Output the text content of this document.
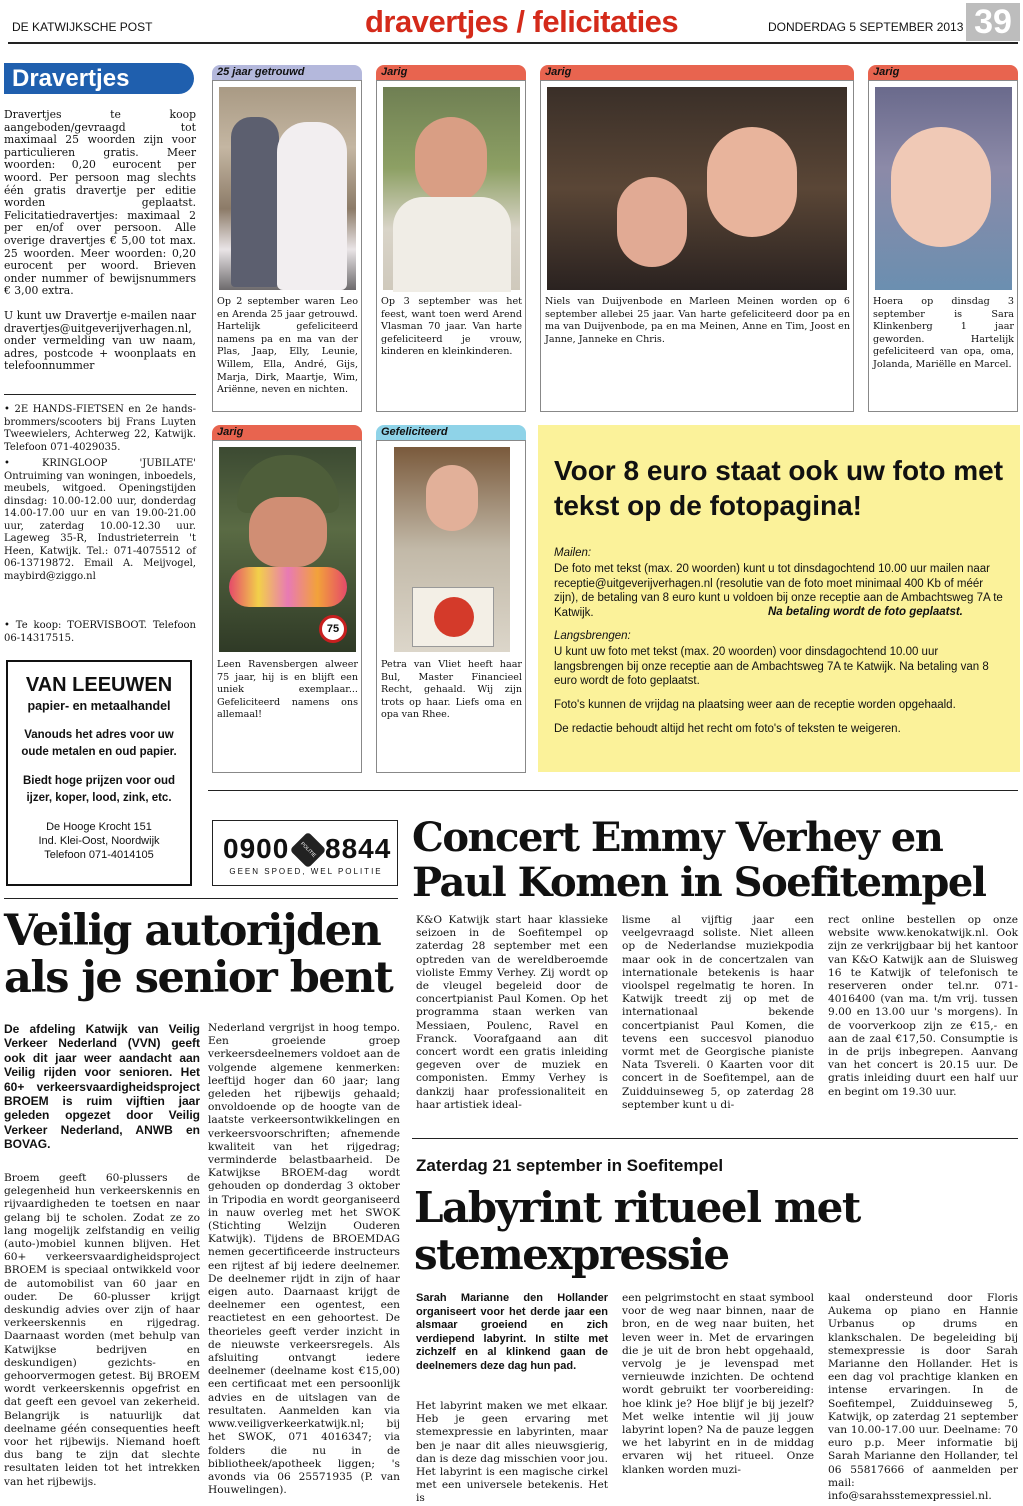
DE KATWIJKSCHE POST	dravertjes / felicitaties	DONDERDAG 5 SEPTEMBER 2013 39
Dravertjes
Dravertjes te koop aangeboden/gevraagd tot maximaal 25 woorden zijn voor particulieren gratis. Meer woorden: 0,20 eurocent per woord. Per persoon mag slechts één gratis dravertje per editie worden geplaatst. Felicitatiedravertjes: maximaal 2 per en/of over persoon. Alle overige dravertjes € 5,00 tot max. 25 woorden. Meer woorden: 0,20 eurocent per woord. Brieven onder nummer of bewijsnummers € 3,00 extra.
U kunt uw Dravertje e-mailen naar dravertjes@uitgeverijverhagen.nl, onder vermelding van uw naam, adres, postcode + woonplaats en telefoonnummer
• 2E HANDS-FIETSEN en 2e hands-brommers/scooters bij Frans Luyten Tweewielers, Achterweg 22, Katwijk. Telefoon 071-4029035.
• KRINGLOOP 'JUBILATE' Ontruiming van woningen, inboedels, meubels, witgoed. Openingstijden dinsdag: 10.00-12.00 uur, donderdag 14.00-17.00 uur en van 19.00-21.00 uur, zaterdag 10.00-12.30 uur. Lageweg 35-R, Industrieterrein 't Heen, Katwijk. Tel.: 071-4075512 of 06-13719872. Email A. Meijvogel, maybird@ziggo.nl
• Te koop: TOERVISBOOT. Telefoon 06-14317515.
VAN LEEUWEN
papier- en metaalhandel
Vanouds het adres voor uw oude metalen en oud papier.
Biedt hoge prijzen voor oud ijzer, koper, lood, zink, etc.
De Hooge Krocht 151
Ind. Klei-Oost, Noordwijk
Telefoon 071-4014105
25 jaar getrouwd
Op 2 september waren Leo en Arenda 25 jaar getrouwd. Hartelijk gefeliciteerd namens pa en ma van der Plas, Jaap, Elly, Leunie, Willem, Ella, André, Gijs, Marja, Dirk, Maartje, Wim, Ariënne, neven en nichten.
Jarig
Op 3 september was het feest, want toen werd Arend Vlasman 70 jaar. Van harte gefeliciteerd je vrouw, kinderen en kleinkinderen.
Jarig
Niels van Duijvenbode en Marleen Meinen worden op 6 september allebei 25 jaar. Van harte gefeliciteerd door pa en ma van Duijvenbode, pa en ma Meinen, Anne en Tim, Joost en Janne, Janneke en Chris.
Jarig
Hoera op dinsdag 3 september is Sara Klinkenberg 1 jaar geworden. Hartelijk gefeliciteerd van opa, oma, Jolanda, Mariëlle en Marcel.
Jarig
75
Leen Ravensbergen alweer 75 jaar, hij is en blijft een uniek exemplaar... Gefeliciteerd namens ons allemaal!
Gefeliciteerd
Petra van Vliet heeft haar Bul, Master Financieel Recht, gehaald. Wij zijn trots op haar. Liefs oma en opa van Rhee.
Voor 8 euro staat ook uw foto met tekst op de fotopagina!
Mailen:
De foto met tekst (max. 20 woorden) kunt u tot dinsdagochtend 10.00 uur mailen naar receptie@uitgeverijverhagen.nl (resolutie van de foto moet minimaal 400 Kb of méér zijn), de betaling van 8 euro kunt u voldoen bij onze receptie aan de Ambachtsweg 7A te Katwijk.	Na betaling wordt de foto geplaatst.
Langsbrengen:
U kunt uw foto met tekst (max. 20 woorden) voor dinsdagochtend 10.00 uur langsbrengen bij onze receptie aan de Ambachtsweg 7A te Katwijk. Na betaling van 8 euro wordt de foto geplaatst.
Foto's kunnen de vrijdag na plaatsing weer aan de receptie worden opgehaald.
De redactie behoudt altijd het recht om foto's of teksten te weigeren.
0900	POLITIE 8844
GEEN SPOED, WEL POLITIE
Veilig autorijden als je senior bent

De afdeling Katwijk van Veilig Verkeer Nederland (VVN) geeft ook dit jaar weer aandacht aan Veilig rijden voor senioren. Het 60+ verkeersvaardigheidsproject BROEM is ruim vijftien jaar geleden opgezet door Veilig Verkeer Nederland, ANWB en BOVAG.

Broem geeft 60-plussers de gelegenheid hun verkeerskennis en rijvaardigheden te toetsen en naar gelang bij te scholen. Zodat ze zo lang mogelijk zelfstandig en veilig (auto-)mobiel kunnen blijven. Het 60+ verkeersvaardigheidsproject BROEM is speciaal ontwikkeld voor de automobilist van 60 jaar en ouder. De 60-plusser krijgt deskundig advies over zijn of haar verkeerskennis en rijgedrag. Daarnaast worden (met behulp van Katwijkse bedrijven en deskundigen) gezichts- en gehoorvermogen getest. Bij BROEM wordt verkeerskennis opgefrist en dat geeft een gevoel van zekerheid. Belangrijk is natuurlijk dat deelname géén consequenties heeft voor het rijbewijs. Niemand hoeft dus bang te zijn dat slechte resultaten leiden tot het intrekken van het rijbewijs.

Nederland vergrijst in hoog tempo. Een groeiende groep verkeersdeelnemers voldoet aan de volgende algemene kenmerken: leeftijd hoger dan 60 jaar; lang geleden het rijbewijs gehaald; onvoldoende op de hoogte van de laatste verkeersontwikkelingen en verkeersvoorschriften; afnemende kwaliteit van het rijgedrag; verminderde belastbaarheid. De Katwijkse BROEM-dag wordt gehouden op donderdag 3 oktober in Tripodia en wordt georganiseerd in nauw overleg met het SWOK (Stichting Welzijn Ouderen Katwijk). Tijdens de BROEMDAG nemen gecertificeerde instructeurs een rijtest af bij iedere deelnemer. De deelnemer rijdt in zijn of haar eigen auto. Daarnaast krijgt de deelnemer een ogentest, een reactietest en een gehoortest. De theorieles geeft verder inzicht in de nieuwste verkeersregels. Als afsluiting ontvangt iedere deelnemer (deelname kost €15,00) een certificaat met een persoonlijk advies en de uitslagen van de resultaten. Aanmelden kan via www.veiligverkeerkatwijk.nl; bij het SWOK, 071 4016347; via folders die nu in de bibliotheek/apotheek liggen; 's avonds via 06 25571935 (P. van Houwelingen).

Concert Emmy Verhey en Paul Komen in Soefitempel

K&O Katwijk start haar klassieke seizoen in de Soefitempel op zaterdag 28 september met een optreden van de wereldberoemde violiste Emmy Verhey. Zij wordt op de vleugel begeleid door de concertpianist Paul Komen. Op het programma staan werken van Messiaen, Poulenc, Ravel en Franck. Voorafgaand aan dit concert wordt een gratis inleiding gegeven over de muziek en componisten. Emmy Verhey is dankzij haar professionaliteit en haar artistiek ideal-

lisme al vijftig jaar een veelgevraagd soliste. Niet alleen op de Nederlandse muziekpodia maar ook in de concertzalen van internationale betekenis is haar vioolspel regelmatig te horen. In Katwijk treedt zij op met de internationaal bekende concertpianist Paul Komen, die tevens een succesvol pianoduo vormt met de Georgische pianiste Nata Tsvereli. 0 Kaarten voor dit concert in de Soefitempel, aan de Zuidduinseweg 5, op zaterdag 28 september kunt u di-

rect online bestellen op onze website www.kenokatwijk.nl. Ook zijn ze verkrijgbaar bij het kantoor van K&O Katwijk aan de Sluisweg 16 te Katwijk of telefonisch te reserveren onder tel.nr. 071-4016400 (van ma. t/m vrij. tussen 9.00 en 13.00 uur 's morgens). In de voorverkoop zijn ze €15,- en aan de zaal €17,50. Consumptie is in de prijs inbegrepen. Aanvang van het concert is 20.15 uur. De gratis inleiding duurt een half uur en begint om 19.30 uur.

Zaterdag 21 september in Soefitempel
Labyrint ritueel met stemexpressie

Sarah Marianne den Hollander organiseert voor het derde jaar een alsmaar groeiend en zich verdiepend labyrint. In stilte met zichzelf en al klinkend gaan de deelnemers deze dag hun pad.

Het labyrint maken we met elkaar. Heb je geen ervaring met stemexpressie en labyrinten, maar ben je naar dit alles nieuwsgierig, dan is deze dag misschien voor jou. Het labyrint is een magische cirkel met een universele betekenis. Het is

een pelgrimstocht en staat symbool voor de weg naar binnen, naar de bron, en de weg naar buiten, het leven weer in. Met de ervaringen die je uit de bron hebt opgehaald, vervolg je je levenspad met vernieuwde inzichten. De ochtend wordt gebruikt ter voorbereiding: hoe klink je? Hoe blijf je bij jezelf? Met welke intentie wil jij jouw labyrint lopen? Na de pauze leggen we het labyrint en in de middag ervaren wij het ritueel. Onze klanken worden muzi-

kaal ondersteund door Floris Aukema op piano en Hannie Urbanus op drums en klankschalen. De begeleiding bij stemexpressie is door Sarah Marianne den Hollander. Het is een dag vol prachtige klanken en intense ervaringen. In de Soefitempel, Zuidduinseweg 5, Katwijk, op zaterdag 21 september van 10.00-17.00 uur. Deelname: 70 euro p.p. Meer informatie bij Sarah Marianne den Hollander, tel 06 55817666 of aanmelden per mail: info@sarahsstemexpressiel.nl.
